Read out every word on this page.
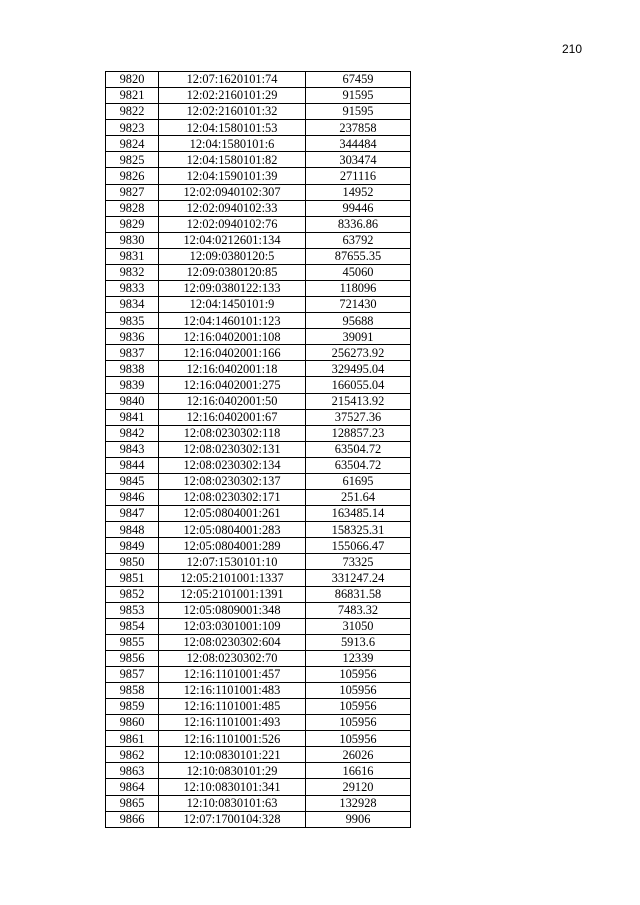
210
9820	12:07:1620101:74	67459
9821	12:02:2160101:29	91595
9822	12:02:2160101:32	91595
9823	12:04:1580101:53	237858
9824	12:04:1580101:6	344484
9825	12:04:1580101:82	303474
9826	12:04:1590101:39	271116
9827	12:02:0940102:307	14952
9828	12:02:0940102:33	99446
9829	12:02:0940102:76	8336.86
9830	12:04:0212601:134	63792
9831	12:09:0380120:5	87655.35
9832	12:09:0380120:85	45060
9833	12:09:0380122:133	118096
9834	12:04:1450101:9	721430
9835	12:04:1460101:123	95688
9836	12:16:0402001:108	39091
9837	12:16:0402001:166	256273.92
9838	12:16:0402001:18	329495.04
9839	12:16:0402001:275	166055.04
9840	12:16:0402001:50	215413.92
9841	12:16:0402001:67	37527.36
9842	12:08:0230302:118	128857.23
9843	12:08:0230302:131	63504.72
9844	12:08:0230302:134	63504.72
9845	12:08:0230302:137	61695
9846	12:08:0230302:171	251.64
9847	12:05:0804001:261	163485.14
9848	12:05:0804001:283	158325.31
9849	12:05:0804001:289	155066.47
9850	12:07:1530101:10	73325
9851	12:05:2101001:1337	331247.24
9852	12:05:2101001:1391	86831.58
9853	12:05:0809001:348	7483.32
9854	12:03:0301001:109	31050
9855	12:08:0230302:604	5913.6
9856	12:08:0230302:70	12339
9857	12:16:1101001:457	105956
9858	12:16:1101001:483	105956
9859	12:16:1101001:485	105956
9860	12:16:1101001:493	105956
9861	12:16:1101001:526	105956
9862	12:10:0830101:221	26026
9863	12:10:0830101:29	16616
9864	12:10:0830101:341	29120
9865	12:10:0830101:63	132928
9866	12:07:1700104:328	9906
